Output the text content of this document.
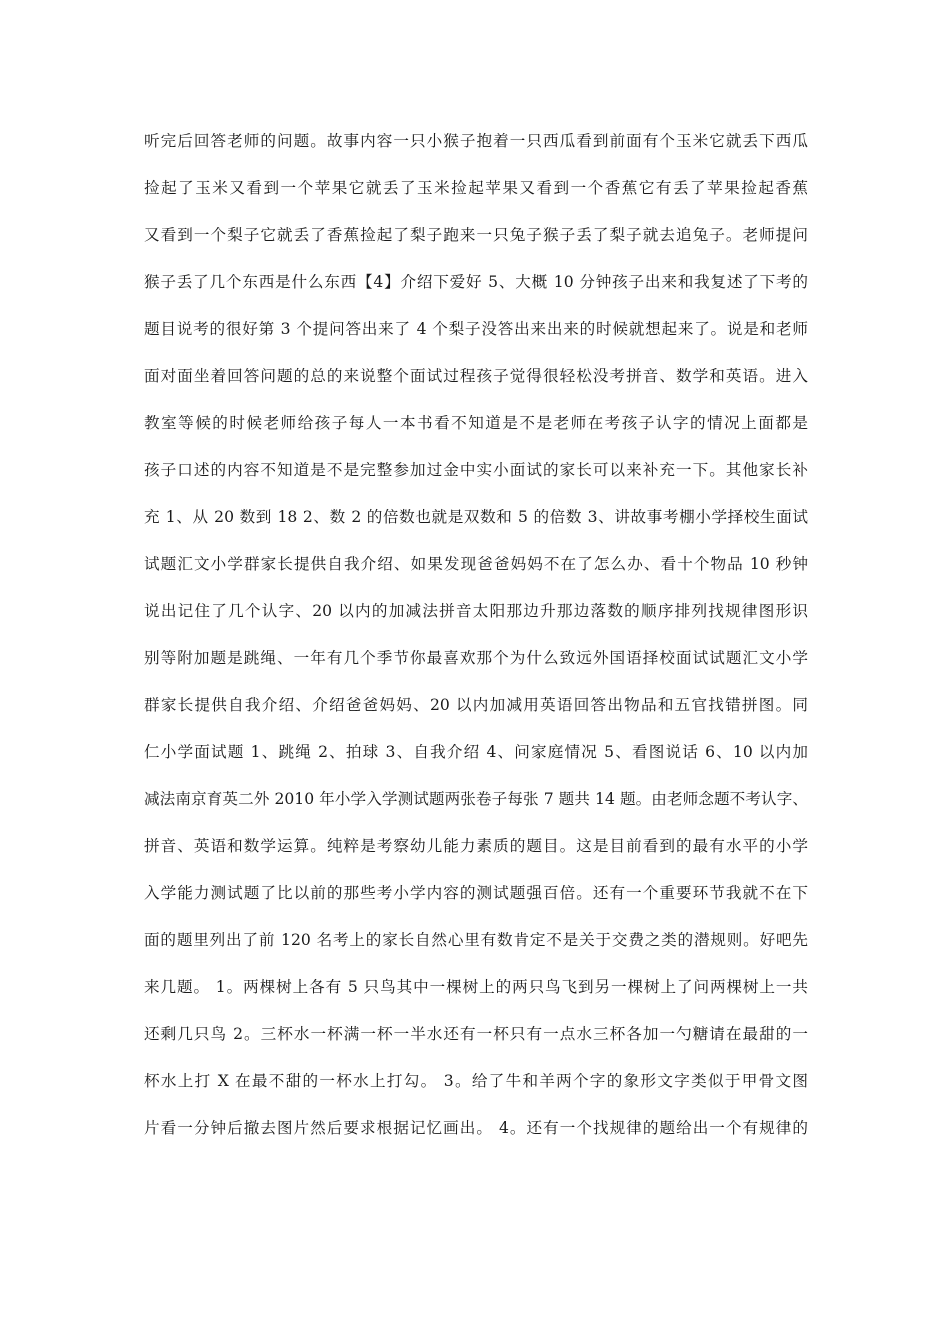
听完后回答老师的问题。故事内容一只小猴子抱着一只西瓜看到前面有个玉米它就丢下西瓜
捡起了玉米又看到一个苹果它就丢了玉米捡起苹果又看到一个香蕉它有丢了苹果捡起香蕉
又看到一个梨子它就丢了香蕉捡起了梨子跑来一只兔子猴子丢了梨子就去追兔子。老师提问
猴子丢了几个东西是什么东西【4】介绍下爱好 5、大概 10 分钟孩子出来和我复述了下考的
题目说考的很好第 3 个提问答出来了 4 个梨子没答出来出来的时候就想起来了。说是和老师
面对面坐着回答问题的总的来说整个面试过程孩子觉得很轻松没考拼音、数学和英语。进入
教室等候的时候老师给孩子每人一本书看不知道是不是老师在考孩子认字的情况上面都是
孩子口述的内容不知道是不是完整参加过金中实小面试的家长可以来补充一下。其他家长补
充 1、从 20 数到 18 2、数 2 的倍数也就是双数和 5 的倍数 3、讲故事考棚小学择校生面试
试题汇文小学群家长提供自我介绍、如果发现爸爸妈妈不在了怎么办、看十个物品 10 秒钟
说出记住了几个认字、20 以内的加减法拼音太阳那边升那边落数的顺序排列找规律图形识
别等附加题是跳绳、一年有几个季节你最喜欢那个为什么致远外国语择校面试试题汇文小学
群家长提供自我介绍、介绍爸爸妈妈、20 以内加减用英语回答出物品和五官找错拼图。同
仁小学面试题 1、跳绳 2、拍球 3、自我介绍 4、问家庭情况 5、看图说话 6、10 以内加
减法南京育英二外 2010 年小学入学测试题两张卷子每张 7 题共 14 题。由老师念题不考认字、
拼音、英语和数学运算。纯粹是考察幼儿能力素质的题目。这是目前看到的最有水平的小学
入学能力测试题了比以前的那些考小学内容的测试题强百倍。还有一个重要环节我就不在下
面的题里列出了前 120 名考上的家长自然心里有数肯定不是关于交费之类的潜规则。好吧先
来几题。 1。两棵树上各有 5 只鸟其中一棵树上的两只鸟飞到另一棵树上了问两棵树上一共
还剩几只鸟 2。三杯水一杯满一杯一半水还有一杯只有一点水三杯各加一勺糖请在最甜的一
杯水上打 X 在最不甜的一杯水上打勾。 3。给了牛和羊两个字的象形文字类似于甲骨文图
片看一分钟后撤去图片然后要求根据记忆画出。 4。还有一个找规律的题给出一个有规律的
